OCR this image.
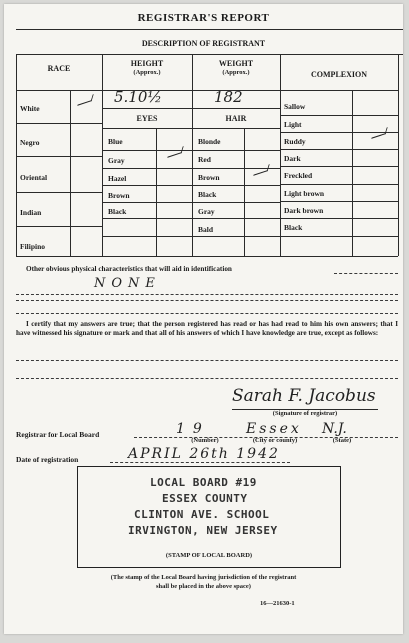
REGISTRAR'S REPORT
DESCRIPTION OF REGISTRANT
RACE
White
Negro
Oriental
Indian
Filipino
HEIGHT
(Approx.)
5.10½
WEIGHT
(Approx.)
182
COMPLEXION
Sallow
Light
Ruddy
Dark
Freckled
Light brown
Dark brown
Black
EYES
Blue
Gray
Hazel
Brown
Black
HAIR
Blonde
Red
Brown
Black
Gray
Bald
Other obvious physical characteristics that will aid in identification
NONE
I certify that my answers are true; that the person registered has read or has had read to him his own answers; that I have witnessed his signature or mark and that all of his answers of which I have knowledge are true, except as follows:
Sarah F. Jacobus
(Signature of registrar)
Registrar for Local Board	19	Essex N.J.
(Number)	(City or county)	(State)
Date of registration	APRIL 26th 1942
LOCAL BOARD #19
ESSEX COUNTY
CLINTON AVE. SCHOOL
IRVINGTON, NEW JERSEY
(STAMP OF LOCAL BOARD)
(The stamp of the Local Board having jurisdiction of the registrant
shall be placed in the above space)
16—21630-1
